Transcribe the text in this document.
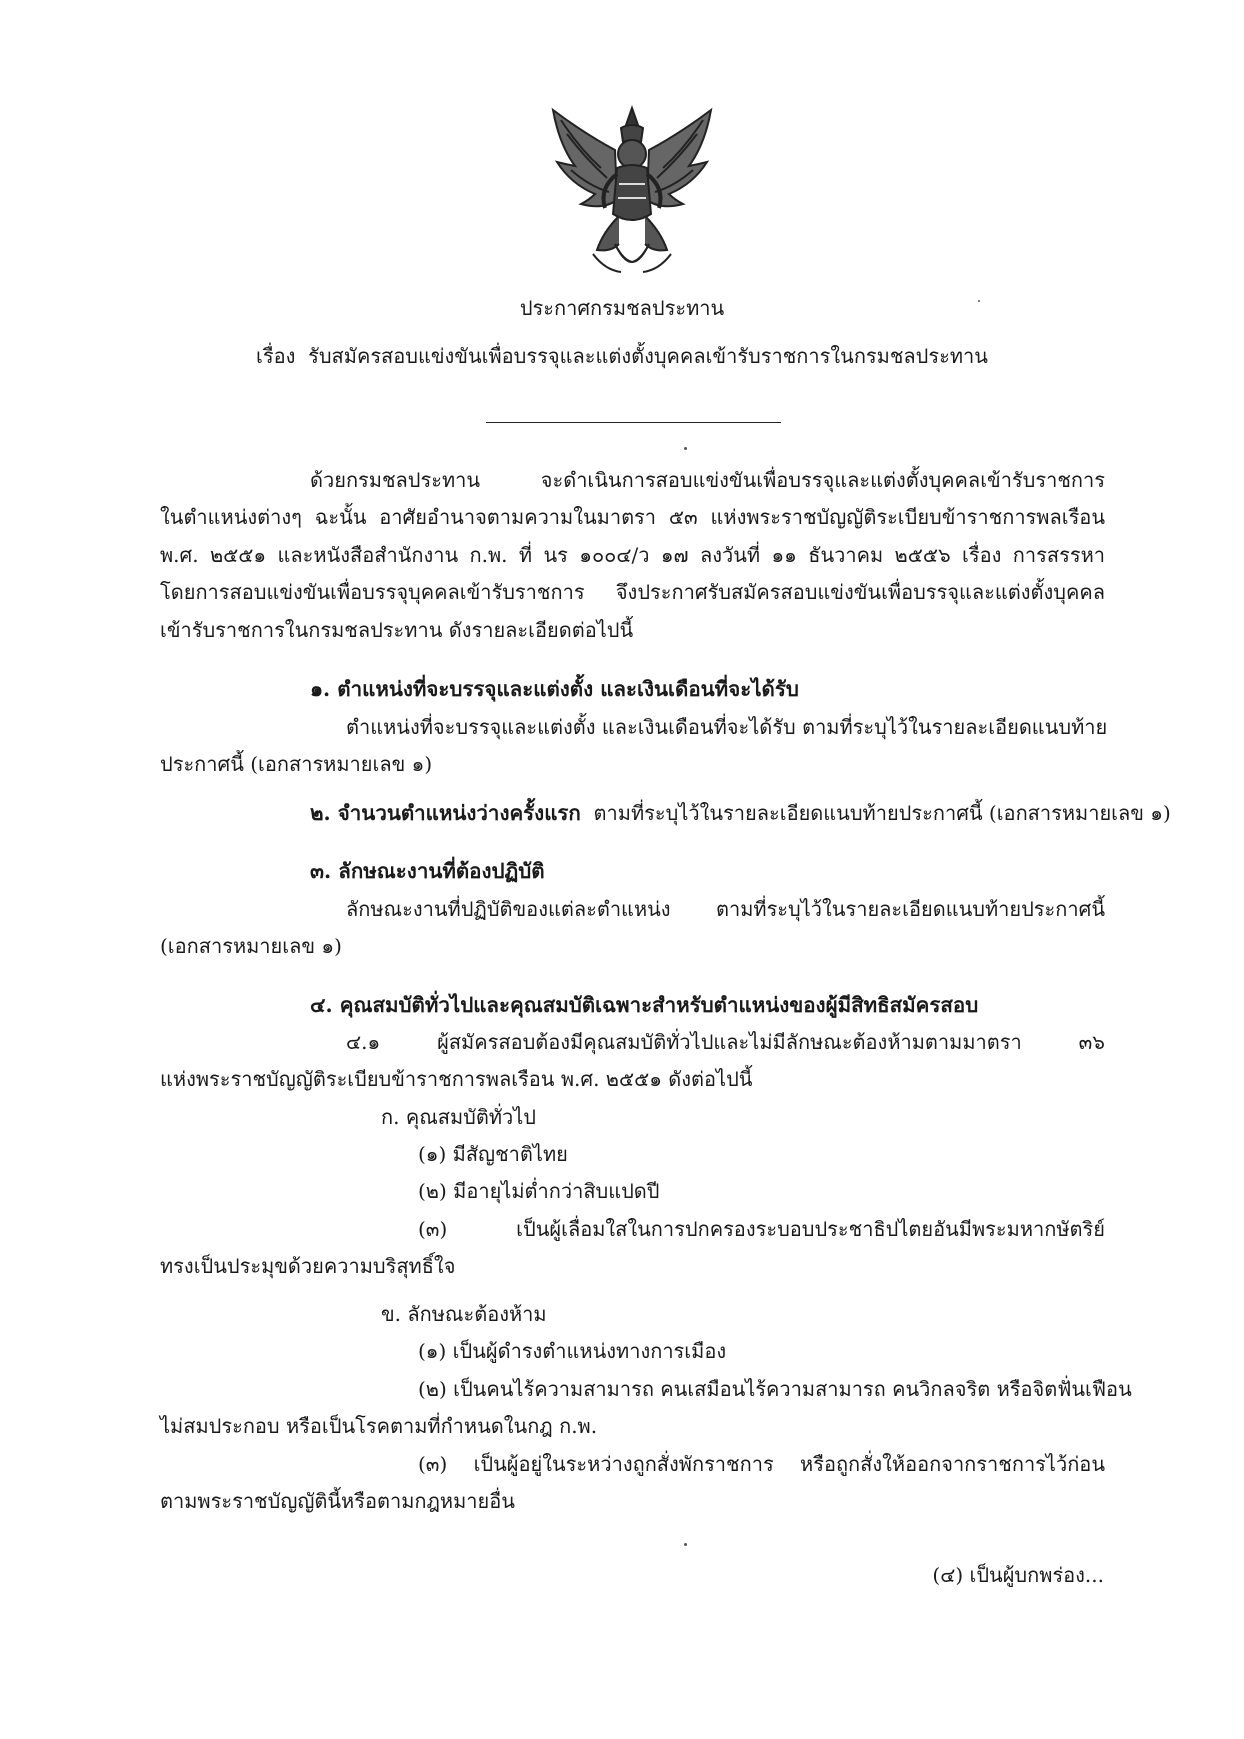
ประกาศกรมชลประทาน
เรื่อง รับสมัครสอบแข่งขันเพื่อบรรจุและแต่งตั้งบุคคลเข้ารับราชการในกรมชลประทาน
ด้วยกรมชลประทาน จะดำเนินการสอบแข่งขันเพื่อบรรจุและแต่งตั้งบุคคลเข้ารับราชการ
ในตำแหน่งต่างๆ ฉะนั้น อาศัยอำนาจตามความในมาตรา ๕๓ แห่งพระราชบัญญัติระเบียบข้าราชการพลเรือน
พ.ศ. ๒๕๕๑ และหนังสือสำนักงาน ก.พ. ที่ นร ๑๐๐๔/ว ๑๗ ลงวันที่ ๑๑ ธันวาคม ๒๕๕๖ เรื่อง การสรรหา
โดยการสอบแข่งขันเพื่อบรรจุบุคคลเข้ารับราชการ จึงประกาศรับสมัครสอบแข่งขันเพื่อบรรจุและแต่งตั้งบุคคล
เข้ารับราชการในกรมชลประทาน ดังรายละเอียดต่อไปนี้
๑. ตำแหน่งที่จะบรรจุและแต่งตั้ง และเงินเดือนที่จะได้รับ
ตำแหน่งที่จะบรรจุและแต่งตั้ง และเงินเดือนที่จะได้รับ ตามที่ระบุไว้ในรายละเอียดแนบท้าย
ประกาศนี้ (เอกสารหมายเลข ๑)
๒. จำนวนตำแหน่งว่างครั้งแรก ตามที่ระบุไว้ในรายละเอียดแนบท้ายประกาศนี้ (เอกสารหมายเลข ๑)
๓. ลักษณะงานที่ต้องปฏิบัติ
ลักษณะงานที่ปฏิบัติของแต่ละตำแหน่ง ตามที่ระบุไว้ในรายละเอียดแนบท้ายประกาศนี้
(เอกสารหมายเลข ๑)
๔. คุณสมบัติทั่วไปและคุณสมบัติเฉพาะสำหรับตำแหน่งของผู้มีสิทธิสมัครสอบ
๔.๑ ผู้สมัครสอบต้องมีคุณสมบัติทั่วไปและไม่มีลักษณะต้องห้ามตามมาตรา ๓๖
แห่งพระราชบัญญัติระเบียบข้าราชการพลเรือน พ.ศ. ๒๕๕๑ ดังต่อไปนี้
ก. คุณสมบัติทั่วไป
(๑) มีสัญชาติไทย
(๒) มีอายุไม่ต่ำกว่าสิบแปดปี
(๓) เป็นผู้เลื่อมใสในการปกครองระบอบประชาธิปไตยอันมีพระมหากษัตริย์
ทรงเป็นประมุขด้วยความบริสุทธิ์ใจ
ข. ลักษณะต้องห้าม
(๑) เป็นผู้ดำรงตำแหน่งทางการเมือง
(๒) เป็นคนไร้ความสามารถ คนเสมือนไร้ความสามารถ คนวิกลจริต หรือจิตฟั่นเฟือน
ไม่สมประกอบ หรือเป็นโรคตามที่กำหนดในกฎ ก.พ.
(๓) เป็นผู้อยู่ในระหว่างถูกสั่งพักราชการ หรือถูกสั่งให้ออกจากราชการไว้ก่อน
ตามพระราชบัญญัตินี้หรือตามกฎหมายอื่น
(๔) เป็นผู้บกพร่อง...
